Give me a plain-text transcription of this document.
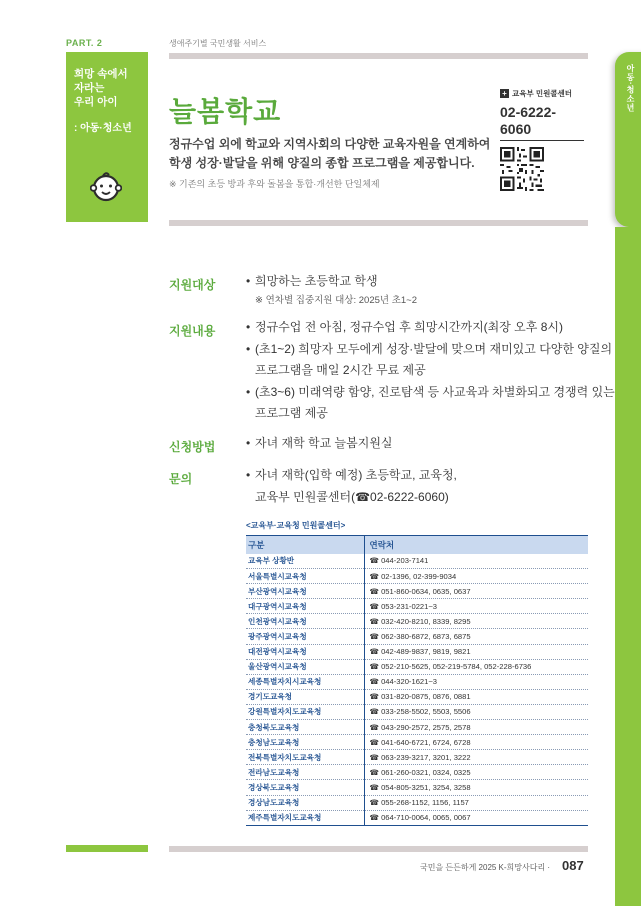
PART. 2	생애주기별 국민생활 서비스
희망 속에서
자라는
우리 아이
: 아동·청소년
늘봄학교
정규수업 외에 학교와 지역사회의 다양한 교육자원을 연계하여
학생 성장·발달을 위해 양질의 종합 프로그램을 제공합니다.
※ 기존의 초등 방과 후와 돌봄을 통합·개선한 단일체제
+ 교육부 민원콜센터
02-6222-
6060
아동·청소년
지원대상	• 희망하는 초등학교 학생
※ 연차별 집중지원 대상: 2025년 초1~2
지원내용	• 정규수업 전 아침, 정규수업 후 희망시간까지(최장 오후 8시)
• (초1~2) 희망자 모두에게 성장·발달에 맞으며 재미있고 다양한 양질의
프로그램을 매일 2시간 무료 제공
• (초3~6) 미래역량 함양, 진로탐색 등 사교육과 차별화되고 경쟁력 있는
프로그램 제공
신청방법	• 자녀 재학 학교 늘봄지원실
문의	• 자녀 재학(입학 예정) 초등학교, 교육청,
교육부 민원콜센터(☎02-6222-6060)
<교육부·교육청 민원콜센터>
구분	연락처
교육부 상황반	☎ 044-203-7141
서울특별시교육청	☎ 02-1396, 02-399-9034
부산광역시교육청	☎ 051-860-0634, 0635, 0637
대구광역시교육청	☎ 053-231-0221~3
인천광역시교육청	☎ 032-420-8210, 8339, 8295
광주광역시교육청	☎ 062-380-6872, 6873, 6875
대전광역시교육청	☎ 042-489-9837, 9819, 9821
울산광역시교육청	☎ 052-210-5625, 052-219-5784, 052-228-6736
세종특별자치시교육청	☎ 044-320-1621~3
경기도교육청	☎ 031-820-0875, 0876, 0881
강원특별자치도교육청	☎ 033-258-5502, 5503, 5506
충청북도교육청	☎ 043-290-2572, 2575, 2578
충청남도교육청	☎ 041-640-6721, 6724, 6728
전북특별자치도교육청	☎ 063-239-3217, 3201, 3222
전라남도교육청	☎ 061-260-0321, 0324, 0325
경상북도교육청	☎ 054-805-3251, 3254, 3258
경상남도교육청	☎ 055-268-1152, 1156, 1157
제주특별자치도교육청	☎ 064-710-0064, 0065, 0067
국민을 든든하게 2025 K-희망사다리 · 087
